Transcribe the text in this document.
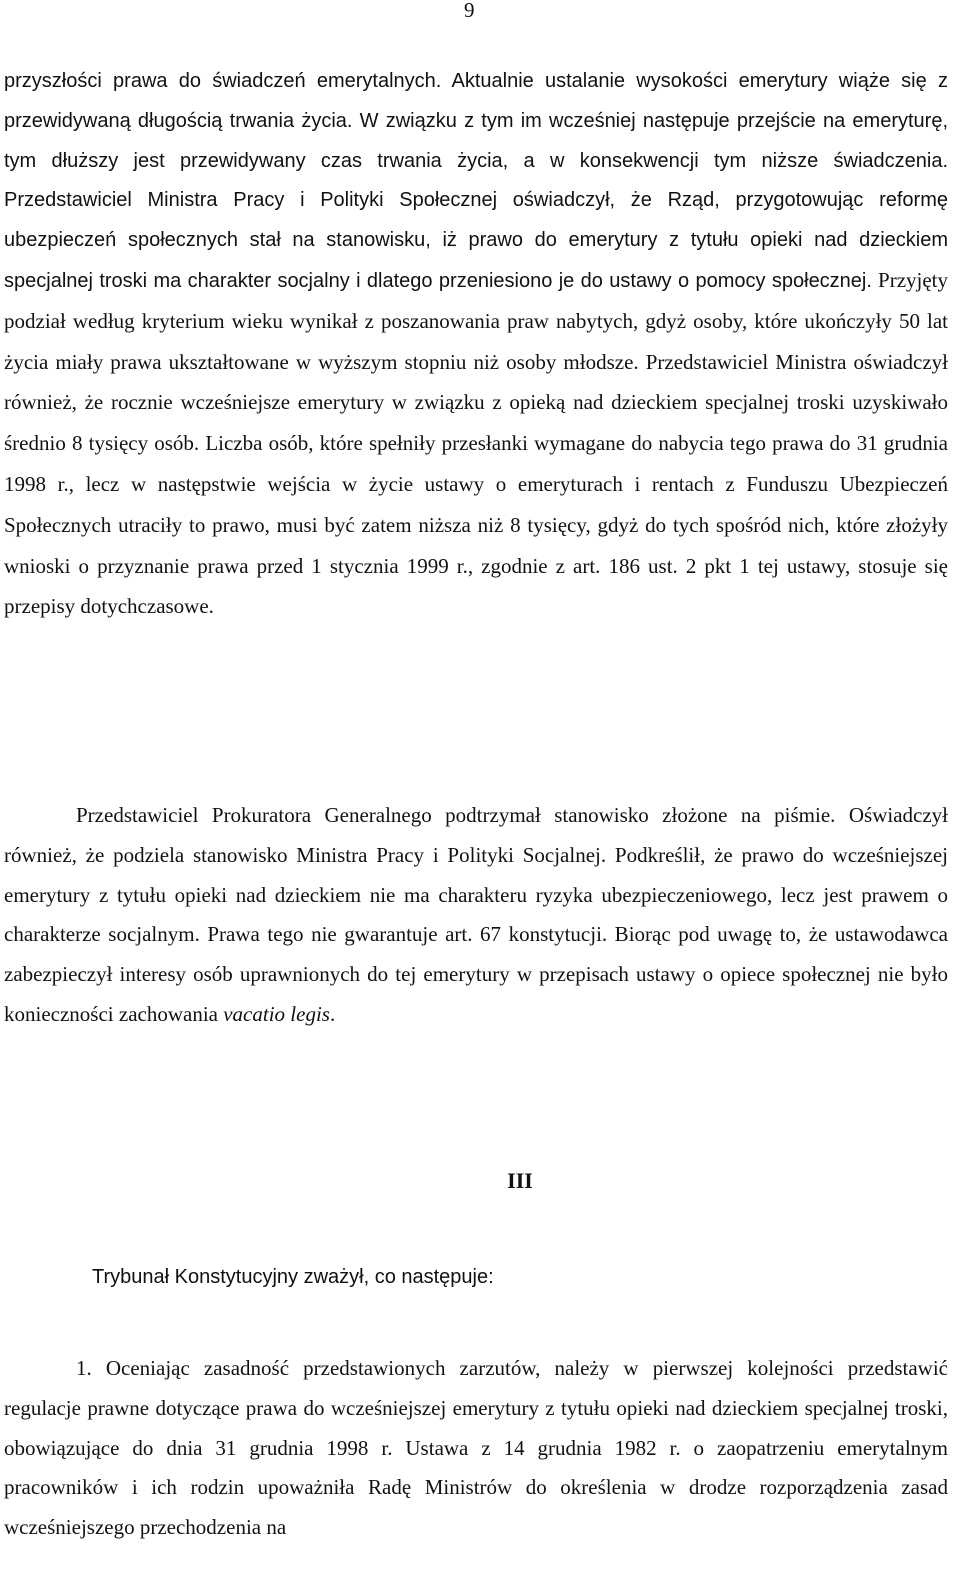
9
przyszłości prawa do świadczeń emerytalnych. Aktualnie ustalanie wysokości emerytury wiąże się z przewidywaną długością trwania życia. W związku z tym im wcześniej następuje przejście na emeryturę, tym dłuższy jest przewidywany czas trwania życia, a w konsekwencji tym niższe świadczenia. Przedstawiciel Ministra Pracy i Polityki Społecznej oświadczył, że Rząd, przygotowując reformę ubezpieczeń społecznych stał na stanowisku, iż prawo do emerytury z tytułu opieki nad dzieckiem specjalnej troski ma charakter socjalny i dlatego przeniesiono je do ustawy o pomocy społecznej. Przyjęty podział według kryterium wieku wynikał z poszanowania praw nabytych, gdyż osoby, które ukończyły 50 lat życia miały prawa ukształtowane w wyższym stopniu niż osoby młodsze. Przedstawiciel Ministra oświadczył również, że rocznie wcześniejsze emerytury w związku z opieką nad dzieckiem specjalnej troski uzyskiwało średnio 8 tysięcy osób. Liczba osób, które spełniły przesłanki wymagane do nabycia tego prawa do 31 grudnia 1998 r., lecz w następstwie wejścia w życie ustawy o emeryturach i rentach z Funduszu Ubezpieczeń Społecznych utraciły to prawo, musi być zatem niższa niż 8 tysięcy, gdyż do tych spośród nich, które złożyły wnioski o przyznanie prawa przed 1 stycznia 1999 r., zgodnie z art. 186 ust. 2 pkt 1 tej ustawy, stosuje się przepisy dotychczasowe.
Przedstawiciel Prokuratora Generalnego podtrzymał stanowisko złożone na piśmie. Oświadczył również, że podziela stanowisko Ministra Pracy i Polityki Socjalnej. Podkreślił, że prawo do wcześniejszej emerytury z tytułu opieki nad dzieckiem nie ma charakteru ryzyka ubezpieczeniowego, lecz jest prawem o charakterze socjalnym. Prawa tego nie gwarantuje art. 67 konstytucji. Biorąc pod uwagę to, że ustawodawca zabezpieczył interesy osób uprawnionych do tej emerytury w przepisach ustawy o opiece społecznej nie było konieczności zachowania vacatio legis.
III
Trybunał Konstytucyjny zważył, co następuje:
1. Oceniając zasadność przedstawionych zarzutów, należy w pierwszej kolejności przedstawić regulacje prawne dotyczące prawa do wcześniejszej emerytury z tytułu opieki nad dzieckiem specjalnej troski, obowiązujące do dnia 31 grudnia 1998 r. Ustawa z 14 grudnia 1982 r. o zaopatrzeniu emerytalnym pracowników i ich rodzin upoważniła Radę Ministrów do określenia w drodze rozporządzenia zasad wcześniejszego przechodzenia na
